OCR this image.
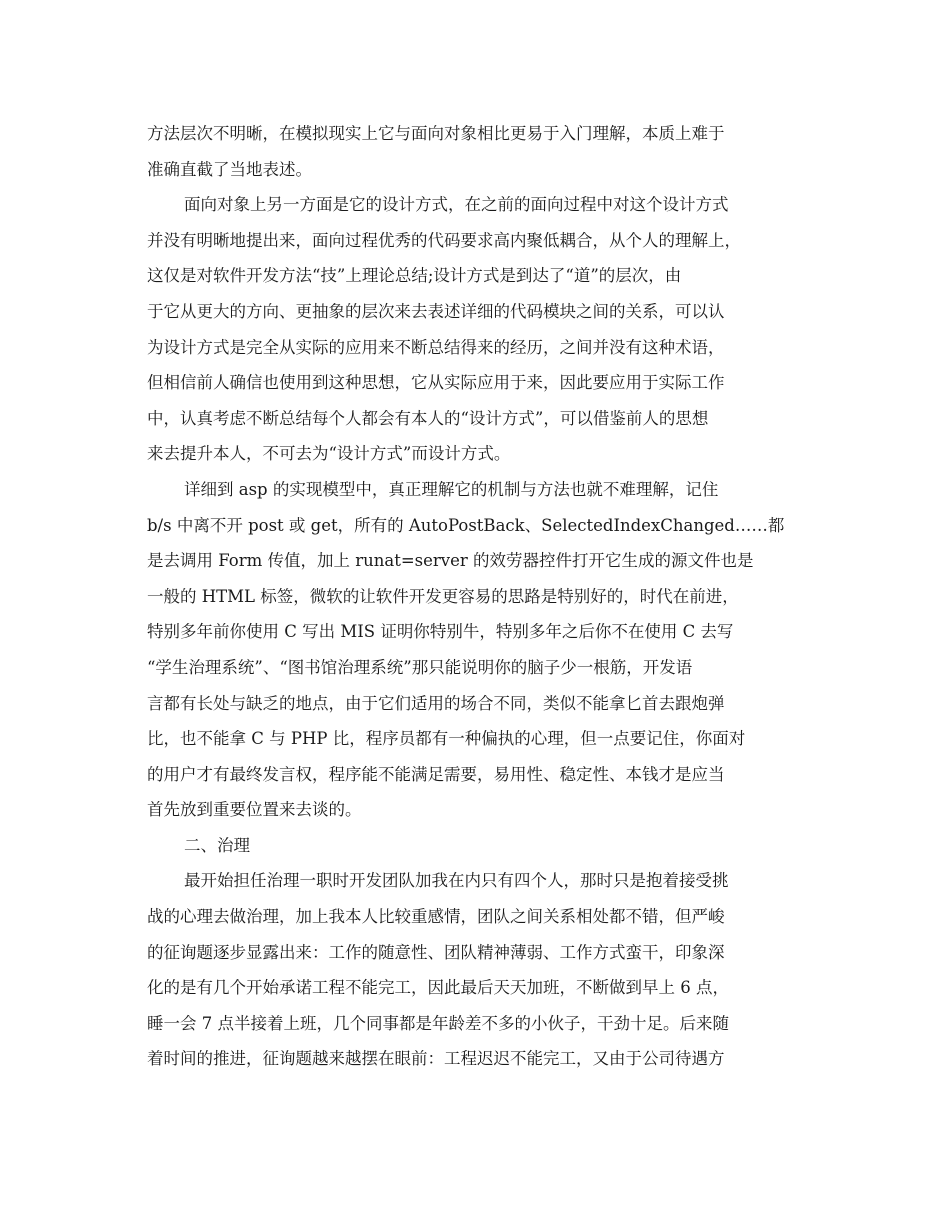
方法层次不明晰，在模拟现实上它与面向对象相比更易于入门理解，本质上难于
准确直截了当地表述。
面向对象上另一方面是它的设计方式，在之前的面向过程中对这个设计方式
并没有明晰地提出来，面向过程优秀的代码要求高内聚低耦合，从个人的理解上，
这仅是对软件开发方法“技”上理论总结;设计方式是到达了“道”的层次，由
于它从更大的方向、更抽象的层次来去表述详细的代码模块之间的关系，可以认
为设计方式是完全从实际的应用来不断总结得来的经历，之间并没有这种术语，
但相信前人确信也使用到这种思想，它从实际应用于来，因此要应用于实际工作
中，认真考虑不断总结每个人都会有本人的“设计方式”，可以借鉴前人的思想
来去提升本人，不可去为“设计方式”而设计方式。
详细到 asp 的实现模型中，真正理解它的机制与方法也就不难理解，记住
b/s 中离不开 post 或 get，所有的 AutoPostBack、SelectedIndexChanged……都
是去调用 Form 传值，加上 runat=server 的效劳器控件打开它生成的源文件也是
一般的 HTML 标签，微软的让软件开发更容易的思路是特别好的，时代在前进，
特别多年前你使用 C 写出 MIS 证明你特别牛，特别多年之后你不在使用 C 去写
“学生治理系统”、“图书馆治理系统”那只能说明你的脑子少一根筋，开发语
言都有长处与缺乏的地点，由于它们适用的场合不同，类似不能拿匕首去跟炮弹
比，也不能拿 C 与 PHP 比，程序员都有一种偏执的心理，但一点要记住，你面对
的用户才有最终发言权，程序能不能满足需要，易用性、稳定性、本钱才是应当
首先放到重要位置来去谈的。
二、治理
最开始担任治理一职时开发团队加我在内只有四个人，那时只是抱着接受挑
战的心理去做治理，加上我本人比较重感情，团队之间关系相处都不错，但严峻
的征询题逐步显露出来：工作的随意性、团队精神薄弱、工作方式蛮干，印象深
化的是有几个开始承诺工程不能完工，因此最后天天加班，不断做到早上 6 点，
睡一会 7 点半接着上班，几个同事都是年龄差不多的小伙子，干劲十足。后来随
着时间的推进，征询题越来越摆在眼前：工程迟迟不能完工，又由于公司待遇方
